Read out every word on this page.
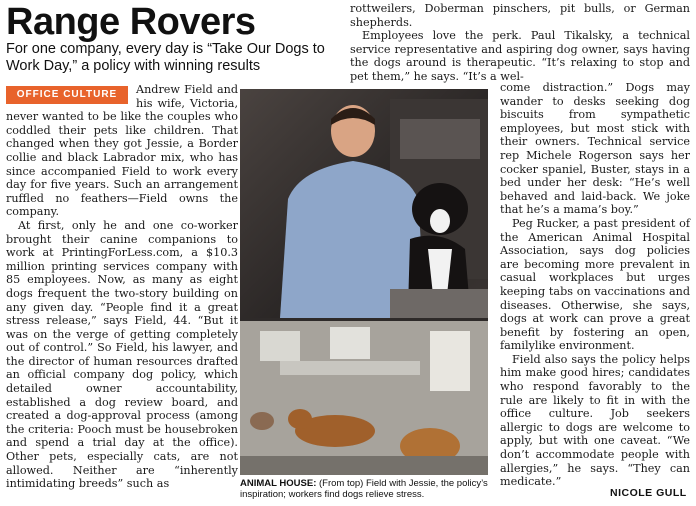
Range Rovers

For one company, every day is “Take Our Dogs to Work Day,” a policy with winning results

OFFICE CULTURE	Andrew Field and his wife, Victoria, never wanted to be like the couples who coddled their pets like children. That changed when they got Jessie, a Border collie and black Labrador mix, who has since accompanied Field to work every day for five years. Such an arrangement ruffled no feathers—Field owns the company.

At first, only he and one co-worker brought their canine companions to work at PrintingForLess.com, a $10.3 million printing services company with 85 employees. Now, as many as eight dogs frequent the two-story building on any given day. “People find it a great stress release,” says Field, 44. “But it was on the verge of getting completely out of control.” So Field, his lawyer, and the director of human resources drafted an official company dog policy, which detailed owner accountability, established a dog review board, and created a dog-approval process (among the criteria: Pooch must be housebroken and spend a trial day at the office). Other pets, especially cats, are not allowed. Neither are “inherently intimidating breeds” such as

rottweilers, Doberman pinschers, pit bulls, or German shepherds.

Employees love the perk. Paul Tikalsky, a technical service representative and aspiring dog owner, says having the dogs around is therapeutic. “It’s relaxing to stop and pet them,” he says. “It’s a wel-

come distraction.” Dogs may wander to desks seeking dog biscuits from sympathetic employees, but most stick with their owners. Technical service rep Michele Rogerson says her cocker spaniel, Buster, stays in a bed under her desk: “He’s well behaved and laid-back. We joke that he’s a mama’s boy.”

Peg Rucker, a past president of the American Animal Hospital Association, says dog policies are becoming more prevalent in casual workplaces but urges keeping tabs on vaccinations and diseases. Otherwise, she says, dogs at work can prove a great benefit by fostering an open, familylike environment.

Field also says the policy helps him make good hires; candidates who respond favorably to the rule are likely to fit in with the office culture. Job seekers allergic to dogs are welcome to apply, but with one caveat. “We don’t accommodate people with allergies,” he says. “They can medicate.”

ANIMAL HOUSE: (From top) Field with Jessie, the policy’s inspiration; workers find dogs relieve stress.	NICOLE GULL
